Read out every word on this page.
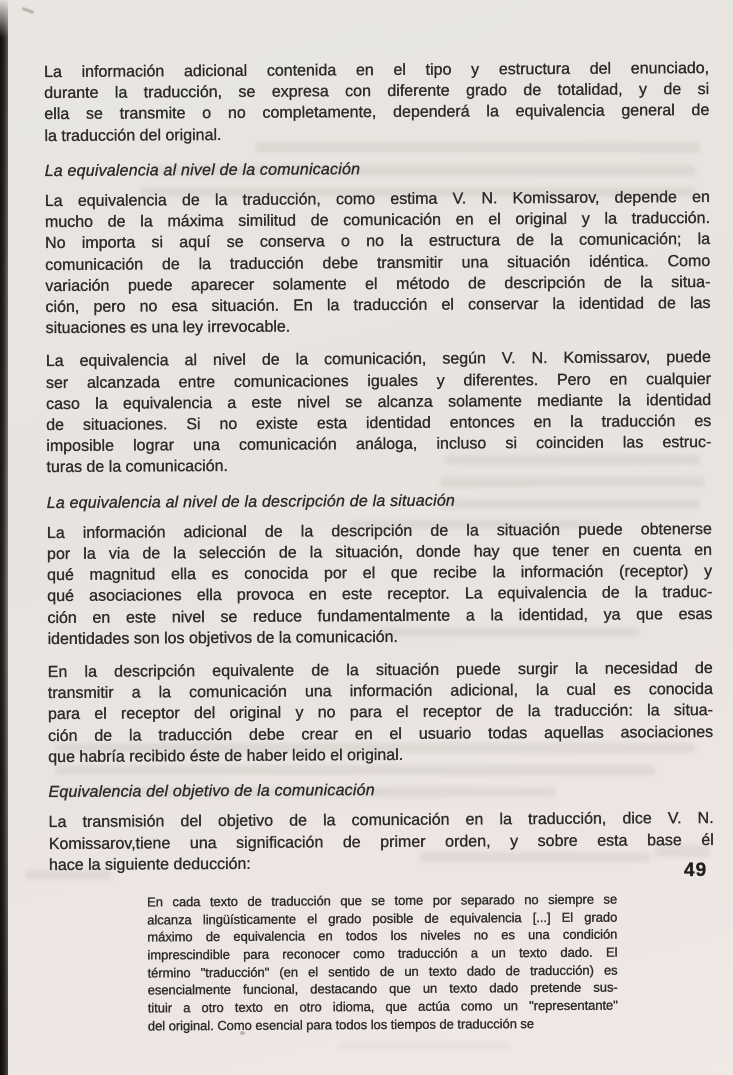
La información adicional contenida en el tipo y estructura del enunciado,
durante la traducción, se expresa con diferente grado de totalidad, y de si
ella se transmite o no completamente, dependerá la equivalencia general de
la traducción del original.
La equivalencia al nivel de la comunicación
La equivalencia de la traducción, como estima V. N. Komissarov, depende en
mucho de la máxima similitud de comunicación en el original y la traducción.
No importa si aquí se conserva o no la estructura de la comunicación; la
comunicación de la traducción debe transmitir una situación idéntica. Como
variación puede aparecer solamente el método de descripción de la situa-
ción, pero no esa situación. En la traducción el conservar la identidad de las
situaciones es una ley irrevocable.
La equivalencia al nivel de la comunicación, según V. N. Komissarov, puede
ser alcanzada entre comunicaciones iguales y diferentes. Pero en cualquier
caso la equivalencia a este nivel se alcanza solamente mediante la identidad
de situaciones. Si no existe esta identidad entonces en la traducción es
imposible lograr una comunicación análoga, incluso si coinciden las estruc-
turas de la comunicación.
La equivalencia al nivel de la descripción de la situación
La información adicional de la descripción de la situación puede obtenerse
por la via de la selección de la situación, donde hay que tener en cuenta en
qué magnitud ella es conocida por el que recibe la información (receptor) y
qué asociaciones ella provoca en este receptor. La equivalencia de la traduc-
ción en este nivel se reduce fundamentalmente a la identidad, ya que esas
identidades son los objetivos de la comunicación.
En la descripción equivalente de la situación puede surgir la necesidad de
transmitir a la comunicación una información adicional, la cual es conocida
para el receptor del original y no para el receptor de la traducción: la situa-
ción de la traducción debe crear en el usuario todas aquellas asociaciones
que habría recibido éste de haber leido el original.
Equivalencia del objetivo de la comunicación
La transmisión del objetivo de la comunicación en la traducción, dice V. N.
Komissarov,tiene una significación de primer orden, y sobre esta base él
hace la siguiente deducción:
En cada texto de traducción que se tome por separado no siempre se
alcanza lingüísticamente el grado posible de equivalencia [...] El grado
máximo de equivalencia en todos los niveles no es una condición
imprescindible para reconocer como traducción a un texto dado. El
término "traducción" (en el sentido de un texto dado de traducción) es
esencialmente funcional, destacando que un texto dado pretende sus-
tituir a otro texto en otro idioma, que actúa como un "representante"
del original. Como esencial para todos los tiempos de traducción se
49
